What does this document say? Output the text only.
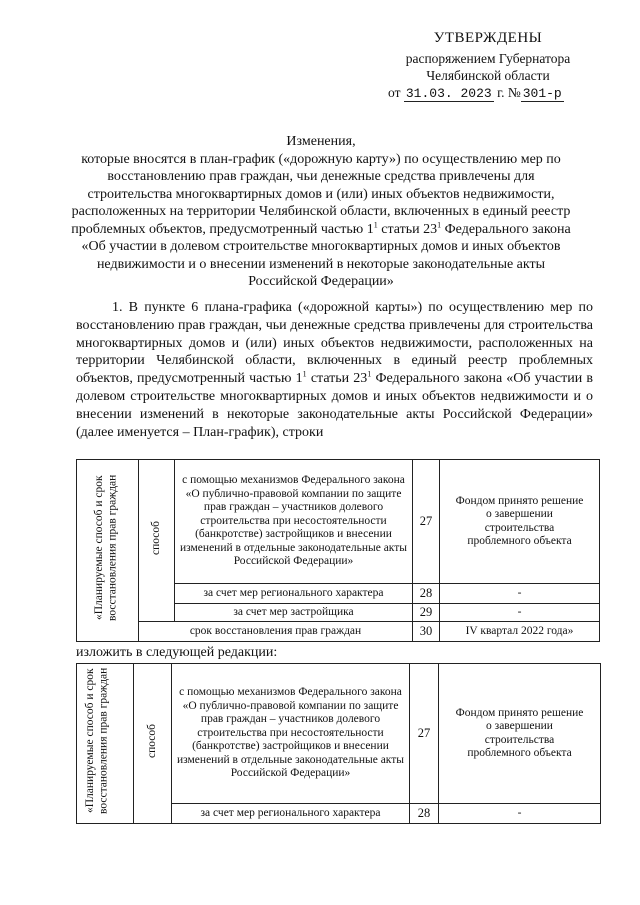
УТВЕРЖДЕНЫ
распоряжением Губернатора
Челябинской области
от 31.03. 2023 г. № 301-р
Изменения,
которые вносятся в план-график («дорожную карту») по осуществлению мер по восстановлению прав граждан, чьи денежные средства привлечены для строительства многоквартирных домов и (или) иных объектов недвижимости, расположенных на территории Челябинской области, включенных в единый реестр проблемных объектов, предусмотренный частью $1^1$ статьи $23^1$ Федерального закона «Об участии в долевом строительстве многоквартирных домов и иных объектов недвижимости и о внесении изменений в некоторые законодательные акты Российской Федерации»
1. В пункте 6 плана-графика («дорожной карты») по осуществлению мер по восстановлению прав граждан, чьи денежные средства привлечены для строительства многоквартирных домов и (или) иных объектов недвижимости, расположенных на территории Челябинской области, включенных в единый реестр проблемных объектов, предусмотренный частью $1^1$ статьи $23^1$ Федерального закона «Об участии в долевом строительстве многоквартирных домов и иных объектов недвижимости и о внесении изменений в некоторые законодательные акты Российской Федерации» (далее именуется – План-график), строки
«Планируемые способ и срок восстановления прав граждан	способ	с помощью механизмов Федерального закона «О публично-правовой компании по защите прав граждан – участников долевого строительства при несостоятельности (банкротстве) застройщиков и внесении изменений в отдельные законодательные акты Российской Федерации»	27	Фондом принято решение о завершении строительства проблемного объекта
		за счет мер регионального характера	28	-
		за счет мер застройщика	29	-
	срок восстановления прав граждан		30	IV квартал 2022 года»
изложить в следующей редакции:
«Планируемые способ и срок восстановления прав граждан	способ	с помощью механизмов Федерального закона «О публично-правовой компании по защите прав граждан – участников долевого строительства при несостоятельности (банкротстве) застройщиков и внесении изменений в отдельные законодательные акты Российской Федерации»	27	Фондом принято решение о завершении строительства проблемного объекта
		за счет мер регионального характера	28	-
